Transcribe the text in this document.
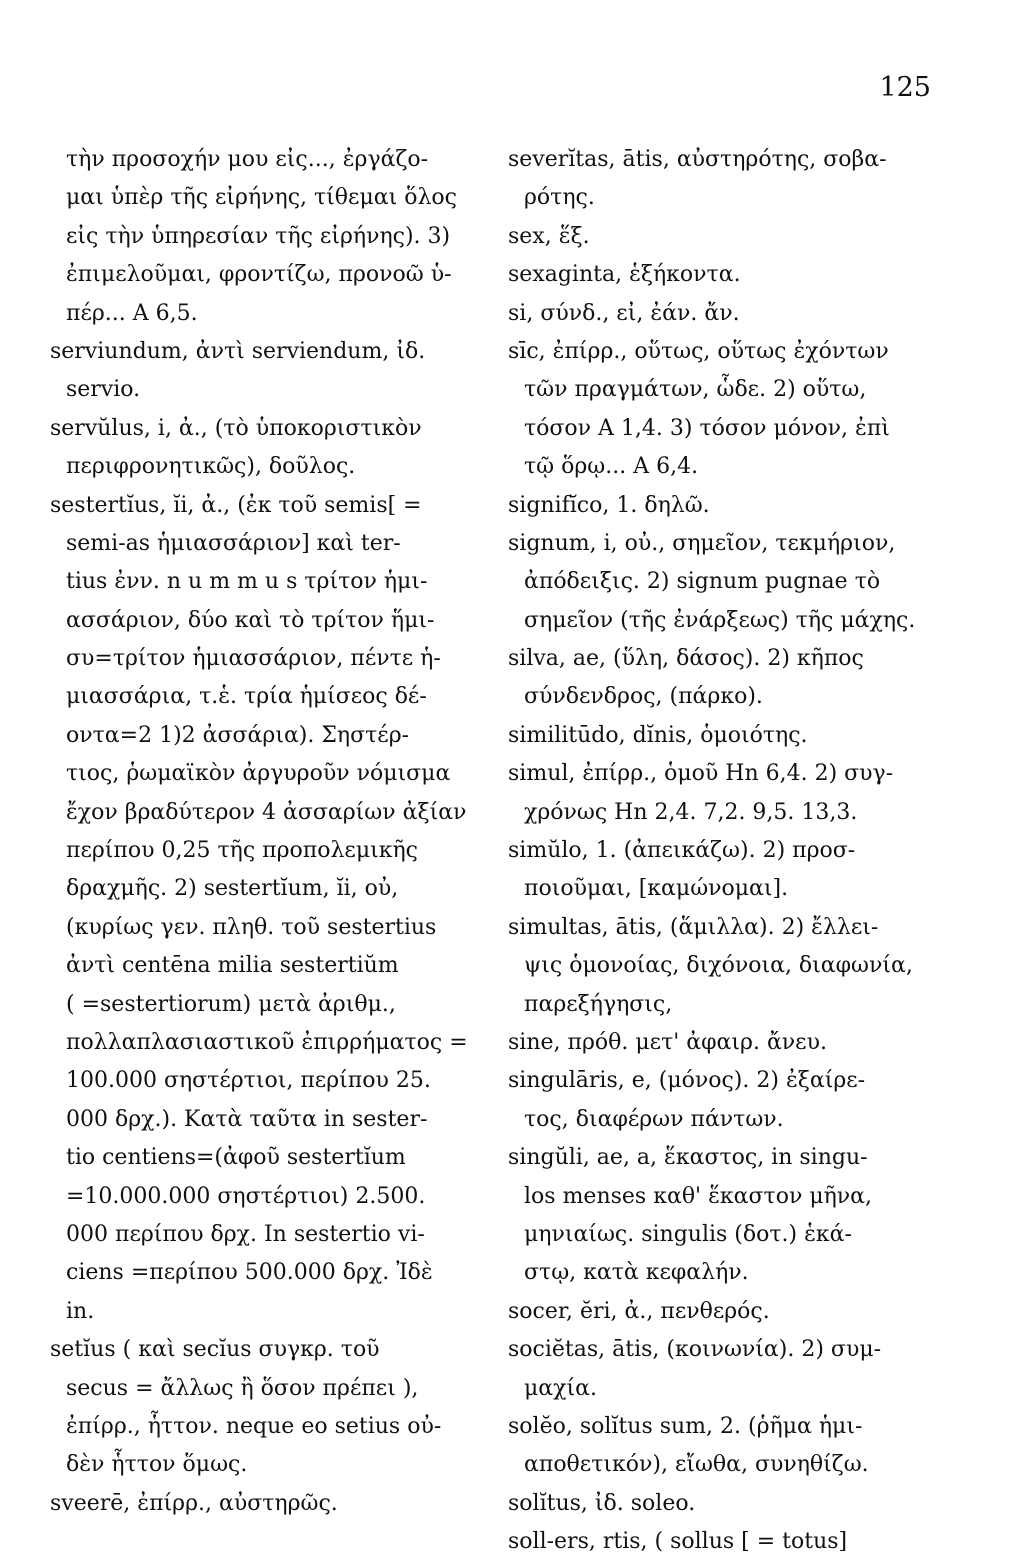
125
τὴν προσοχήν μου εἰς..., ἐργάζο-
μαι ὑπὲρ τῆς εἰρήνης, τίθεμαι ὅλος
εἰς τὴν ὑπηρεσίαν τῆς εἰρήνης). 3)
ἐπιμελοῦμαι, φροντίζω, προνοῶ ὑ-
πέρ... A 6,5.
serviundum, ἀντὶ serviendum, ἰδ.
servio.
servŭlus, i, ἀ., (τὸ ὑποκοριστικὸν
περιφρονητικῶς), δοῦλος.
sestertĭus, ĭi, ἀ., (ἐκ τοῦ semis[ =
semi-as ἡμιασσάριον] καὶ ter-
tius ἐνν. n u m m u s τρίτον ἡμι-
ασσάριον, δύο καὶ τὸ τρίτον ἥμι-
συ=τρίτον ἡμιασσάριον, πέντε ἡ-
μιασσάρια, τ.ἑ. τρία ἡμίσεος δέ-
οντα=2 1)2 ἀσσάρια). Σηστέρ-
τιος, ῥωμαϊκὸν ἀργυροῦν νόμισμα
ἔχον βραδύτερον 4 ἀσσαρίων ἀξίαν
περίπου 0,25 τῆς προπολεμικῆς
δραχμῆς. 2) sestertĭum, ĭi, οὐ,
(κυρίως γεν. πληθ. τοῦ sestertius
ἀντὶ centēna milia sestertiŭm
( =sestertiorum) μετὰ ἀριθμ.,
πολλαπλασιαστικοῦ ἐπιρρήματος =
100.000 σηστέρτιοι, περίπου 25.
000 δρχ.). Κατὰ ταῦτα in sester-
tio centiens=(ἀφοῦ sestertĭum
=10.000.000 σηστέρτιοι) 2.500.
000 περίπου δρχ. In sestertio vi-
ciens =περίπου 500.000 δρχ. Ἰδὲ
in.
setĭus ( καὶ secĭus συγκρ. τοῦ
secus = ἄλλως ἢ ὅσον πρέπει ),
ἐπίρρ., ἧττον. neque eo setius οὐ-
δὲν ἧττον ὅμως.
sveerē, ἐπίρρ., αὐστηρῶς.
severĭtas, ātis, αὐστηρότης, σοβα-
ρότης.
sex, ἕξ.
sexaginta, ἑξήκοντα.
si, σύνδ., εἰ, ἐάν. ἄν.
sīc, ἐπίρρ., οὕτως, οὕτως ἐχόντων
τῶν πραγμάτων, ὧδε. 2) οὕτω,
τόσον A 1,4. 3) τόσον μόνον, ἐπὶ
τῷ ὅρῳ... A 6,4.
signifĭco, 1. δηλῶ.
signum, i, οὐ., σημεῖον, τεκμήριον,
ἀπόδειξις. 2) signum pugnae τὸ
σημεῖον (τῆς ἐνάρξεως) τῆς μάχης.
silva, ae, (ὕλη, δάσος). 2) κῆπος
σύνδενδρος, (πάρκο).
similitūdo, dĭnis, ὁμοιότης.
simul, ἐπίρρ., ὁμοῦ Hn 6,4. 2) συγ-
χρόνως Hn 2,4. 7,2. 9,5. 13,3.
simŭlo, 1. (ἀπεικάζω). 2) προσ-
ποιοῦμαι, [καμώνομαι].
simultas, ātis, (ἅμιλλα). 2) ἔλλει-
ψις ὁμονοίας, διχόνοια, διαφωνία,
παρεξήγησις,
sine, πρόθ. μετ' ἀφαιρ. ἄνευ.
singulāris, e, (μόνος). 2) ἐξαίρε-
τος, διαφέρων πάντων.
singŭli, ae, a, ἕκαστος, in singu-
los menses καθ' ἕκαστον μῆνα,
μηνιαίως. singulis (δοτ.) ἑκά-
στῳ, κατὰ κεφαλήν.
socer, ĕri, ἀ., πενθερός.
sociĕtas, ātis, (κοινωνία). 2) συμ-
μαχία.
solĕo, solĭtus sum, 2. (ῥῆμα ἡμι-
αποθετικόν), εἴωθα, συνηθίζω.
solĭtus, ἰδ. soleo.
soll-ers, rtis, ( sollus [ = totus]
